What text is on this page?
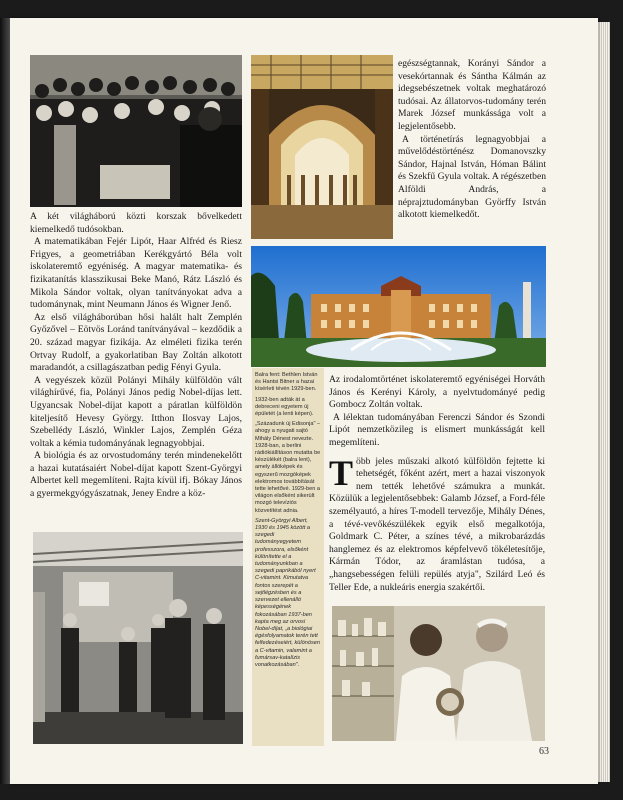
Balra fent: Bethlen István és Hantsi Bitner a hazai kísérleti tévén 1929-ben.

1932-ben adták át a debreceni egyetem új épületét (a lenti képen).

„Századunk új Edisonja" – ahogy a nyugati sajtó Mihály Dénest nevezte. 1928-ban, a berlini rádiókiállításon mutatta be készülékét (balra lent), amely állóképek és egyszerű mozgóképek elektromos továbbítását tette lehetővé. 1929-ben a világon elsőként sikerült mozgó televíziós közvetítést adnia.

Szent-Györgyi Albert, 1930 és 1945 között a szegedi tudományegyetem professzora, elsőként különítette el a tudományunkban a szegedi paprikából nyert C-vitamint. Kimutatva fontos szerepét a sejtlégzésben és a szervezet ellenálló képességének fokozásában 1937-ben kapta meg az orvosi Nobel-díjat, „a biológiai égésfolyamatok terén tett felfedezéseiért, különösen a C-vitamin, valamint a fumársav-katalízis vonatkozásában".

A két világháború közti korszak bővelkedett kiemelkedő tudósokban.

A matematikában Fejér Lipót, Haar Alfréd és Riesz Frigyes, a geometriában Kerékgyártó Béla volt iskolateremtő egyéniség. A magyar matematika- és fizikatanítás klasszikusai Beke Manó, Rátz László és Mikola Sándor voltak, olyan tanítványokat adva a tudománynak, mint Neumann János és Wigner Jenő.

Az első világháborúban hősi halált halt Zemplén Győzővel – Eötvös Loránd tanítványával – kezdődik a 20. század magyar fizikája. Az elméleti fizika terén Ortvay Rudolf, a gyakorlatiban Bay Zoltán alkotott maradandót, a csillagászatban pedig Fényi Gyula.

A vegyészek közül Polányi Mihály külföldön vált világhírűvé, fia, Polányi János pedig Nobel-díjas lett. Ugyancsak Nobel-díjat kapott a páratlan külföldön kiteljesítő Hevesy György. Itthon Ilosvay Lajos, Szebellédy László, Winkler Lajos, Zemplén Géza voltak a kémia tudományának legnagyobbjai.

A biológia és az orvostudomány terén mindenekelőtt a hazai kutatásaiért Nobel-díjat kapott Szent-Györgyi Albertet kell megemlíteni. Rajta kívül ifj. Bókay János a gyermekgyógyászatnak, Jeney Endre a köz-

egészségtannak, Korányi Sándor a vesekórtannak és Sántha Kálmán az idegsebészetnek voltak meghatározó tudósai. Az állatorvos-tudomány terén Marek József munkássága volt a legjelentősebb.

A történetírás legnagyobbjai a művelődéstörténész Domanovszky Sándor, Hajnal István, Hóman Bálint és Szekfű Gyula voltak. A régészetben Alföldi András, a néprajztudományban Györffy István alkotott kiemelkedőt.

Az irodalomtörténet iskolateremtő egyéniségei Horváth János és Kerényi Károly, a nyelvtudományé pedig Gombocz Zoltán voltak.

A lélektan tudományában Ferenczi Sándor és Szondi Lipót nemzetközileg is elismert munkásságát kell megemlíteni.

Több jeles műszaki alkotó külföldön fejtette ki tehetségét, főként azért, mert a hazai viszonyok nem tették lehetővé számukra a munkát. Közülük a legjelentősebbek: Galamb József, a Ford-féle személyautó, a híres T-modell tervezője, Mihály Dénes, a tévé-vevőkészülékek egyik első megalkotója, Goldmark C. Péter, a színes tévé, a mikrobarázdás hanglemez és az elektromos képfelvevő tökéletesítője, Kármán Tódor, az áramlástan tudósa, a „hangsebességen felüli repülés atyja", Szilárd Leó és Teller Ede, a nukleáris energia szakértői.

63
